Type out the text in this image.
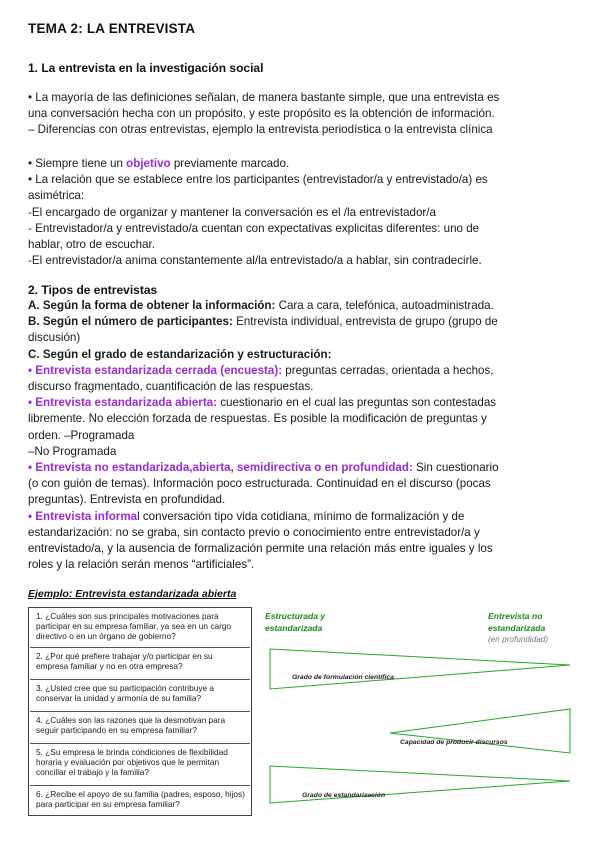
TEMA 2: LA ENTREVISTA
1. La entrevista en la investigación social
• La mayoría de las definiciones señalan, de manera bastante simple, que una entrevista es
una conversación hecha con un propósito, y este propósito es la obtención de información.
– Diferencias con otras entrevistas, ejemplo la entrevista periodística o la entrevista clínica
• Siempre tiene un objetivo previamente marcado.
• La relación que se establece entre los participantes (entrevistador/a y entrevistado/a) es
asimétrica:
-El encargado de organizar y mantener la conversación es el /la entrevistador/a
- Entrevistador/a y entrevistado/a cuentan con expectativas explicitas diferentes: uno de
hablar, otro de escuchar.
-El entrevistador/a anima constantemente al/la entrevistado/a a hablar, sin contradecirle.
2. Tipos de entrevistas
A. Según la forma de obtener la información: Cara a cara, telefónica, autoadministrada.
B. Según el número de participantes: Entrevista individual, entrevista de grupo (grupo de
discusión)
C. Según el grado de estandarización y estructuración:
• Entrevista estandarizada cerrada (encuesta): preguntas cerradas, orientada a hechos,
discurso fragmentado, cuantificación de las respuestas.
• Entrevista estandarizada abierta: cuestionario en el cual las preguntas son contestadas
libremente. No elección forzada de respuestas. Es posible la modificación de preguntas y
orden. –Programada
–No Programada
• Entrevista no estandarizada,abierta, semidirectiva o en profundidad: Sin cuestionario
(o con guión de temas). Información poco estructurada. Continuidad en el discurso (pocas
preguntas). Entrevista en profundidad.
• Entrevista informal conversación tipo vida cotidiana, mínimo de formalización y de
estandarización: no se graba, sin contacto previo o conocimiento entre entrevistador/a y
entrevistado/a, y la ausencia de formalización permite una relación más entre iguales y los
roles y la relación serán menos “artificiales”.
Ejemplo: Entrevista estandarizada abierta
1. ¿Cuáles son sus principales motivaciones para participar en su empresa familiar, ya sea en un cargo directivo o en un órgano de gobierno?
2. ¿Por qué prefiere trabajar y/o participar en su empresa familiar y no en otra empresa?
3. ¿Usted cree que su participación contribuye a conservar la unidad y armonía de su familia?
4. ¿Cuáles son las razones que la desmotivan para seguir participando en su empresa familiar?
5. ¿Su empresa le brinda condiciones de flexibilidad horaria y evaluación por objetivos que le permitan conciliar el trabajo y la familia?
6. ¿Recibe el apoyo de su familia (padres, esposo, hijos) para participar en su empresa familiar?
Estructurada y
estandarizada
Entrevista no
estandarizada
(en profundidad)
Grado de formulación científica
Capacidad de producir discursos
Grado de estandarización
